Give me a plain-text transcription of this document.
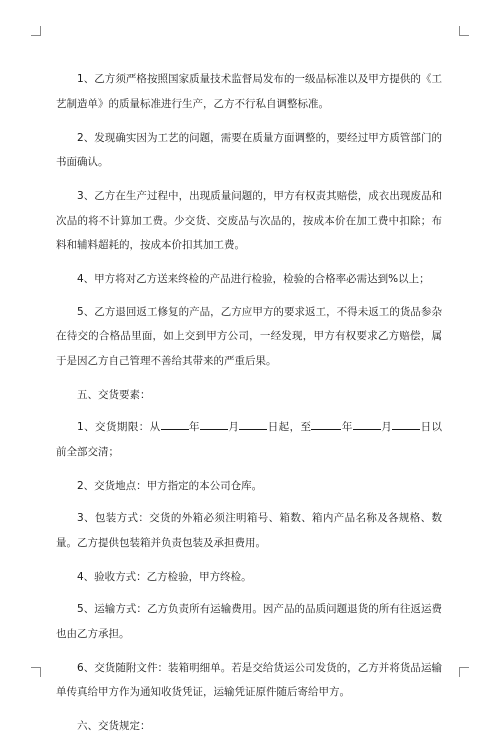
1、乙方须严格按照国家质量技术监督局发布的一级品标准以及甲方提供的《工艺制造单》的质量标准进行生产，乙方不行私自调整标准。

2、发现确实因为工艺的问题，需要在质量方面调整的，要经过甲方质管部门的书面确认。

3、乙方在生产过程中，出现质量问题的，甲方有权责其赔偿，成衣出现废品和次品的将不计算加工费。少交货、交废品与次品的，按成本价在加工费中扣除；布料和辅料超耗的，按成本价扣其加工费。

4、甲方将对乙方送来终检的产品进行检验，检验的合格率必需达到%以上；

5、乙方退回返工修复的产品，乙方应甲方的要求返工，不得未返工的货品参杂在待交的合格品里面，如上交到甲方公司，一经发现，甲方有权要求乙方赔偿，属于是因乙方自己管理不善给其带来的严重后果。

五、交货要素：

1、交货期限：从	年	月	日起，至	年	月	日以前全部交清；

2、交货地点：甲方指定的本公司仓库。

3、包装方式：交货的外箱必须注明箱号、箱数、箱内产品名称及各规格、数量。乙方提供包装箱并负责包装及承担费用。

4、验收方式：乙方检验，甲方终检。

5、运输方式：乙方负责所有运输费用。因产品的品质问题退货的所有往返运费也由乙方承担。

6、交货随附文件：装箱明细单。若是交给货运公司发货的，乙方并将货品运输单传真给甲方作为通知收货凭证，运输凭证原件随后寄给甲方。

六、交货规定：
